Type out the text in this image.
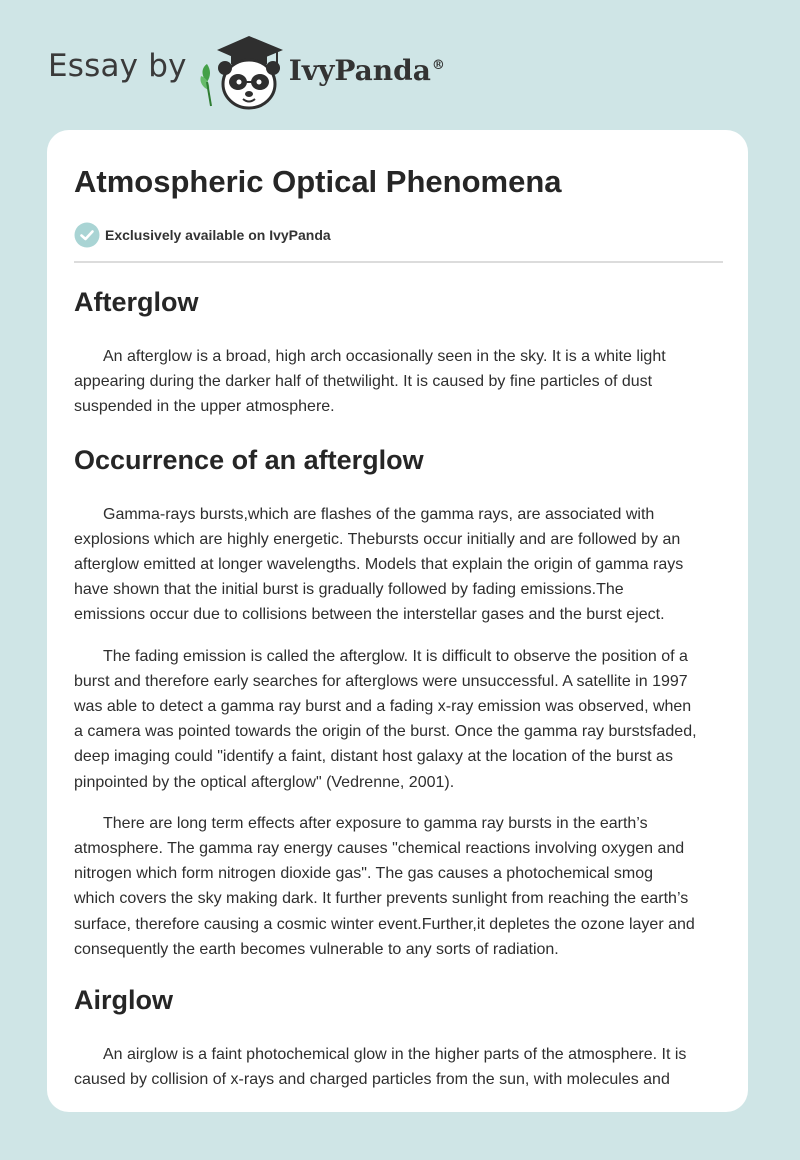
Essay by	IvyPanda®
Atmospheric Optical Phenomena
Exclusively available on IvyPanda
Afterglow

An afterglow is a broad, high arch occasionally seen in the sky. It is a white light
appearing during the darker half of thetwilight. It is caused by fine particles of dust
suspended in the upper atmosphere.

Occurrence of an afterglow

Gamma-rays bursts,which are flashes of the gamma rays, are associated with
explosions which are highly energetic. Thebursts occur initially and are followed by an
afterglow emitted at longer wavelengths. Models that explain the origin of gamma rays
have shown that the initial burst is gradually followed by fading emissions.The
emissions occur due to collisions between the interstellar gases and the burst eject.

The fading emission is called the afterglow. It is difficult to observe the position of a
burst and therefore early searches for afterglows were unsuccessful. A satellite in 1997
was able to detect a gamma ray burst and a fading x-ray emission was observed, when
a camera was pointed towards the origin of the burst. Once the gamma ray burstsfaded,
deep imaging could "identify a faint, distant host galaxy at the location of the burst as
pinpointed by the optical afterglow" (Vedrenne, 2001).

There are long term effects after exposure to gamma ray bursts in the earth’s
atmosphere. The gamma ray energy causes "chemical reactions involving oxygen and
nitrogen which form nitrogen dioxide gas". The gas causes a photochemical smog
which covers the sky making dark. It further prevents sunlight from reaching the earth’s
surface, therefore causing a cosmic winter event.Further,it depletes the ozone layer and
consequently the earth becomes vulnerable to any sorts of radiation.

Airglow

An airglow is a faint photochemical glow in the higher parts of the atmosphere. It is
caused by collision of x-rays and charged particles from the sun, with molecules and
